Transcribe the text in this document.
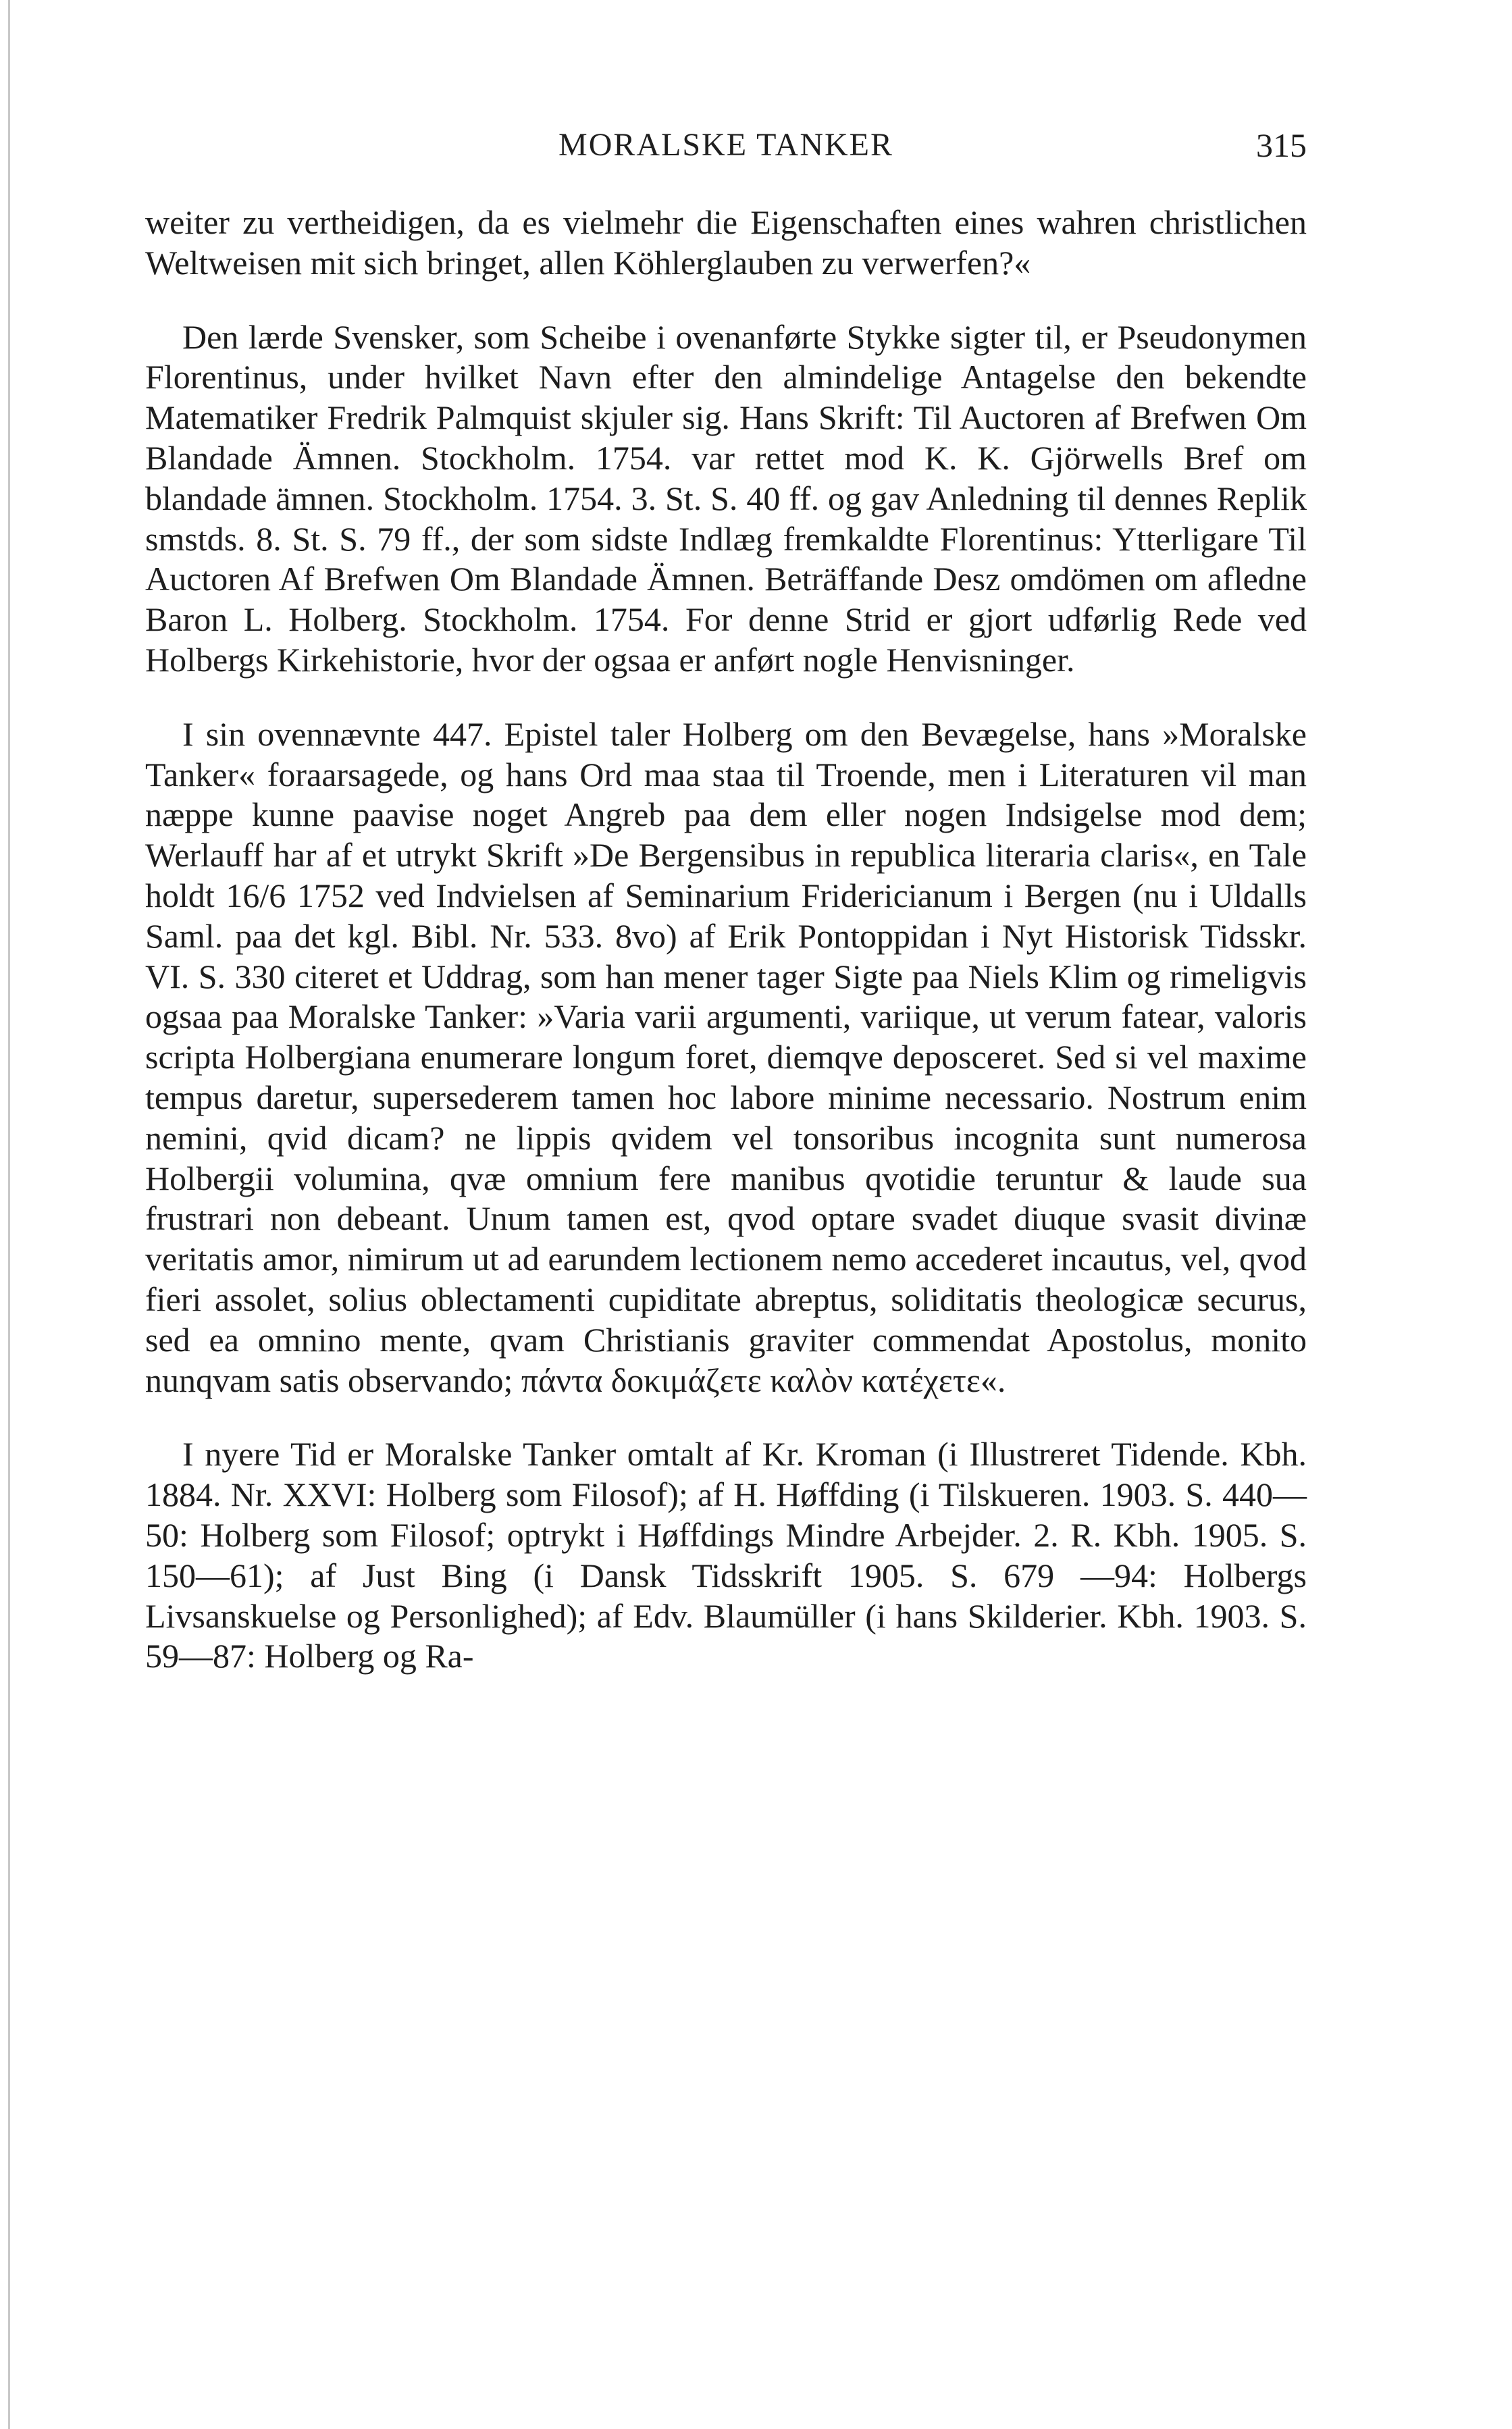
MORALSKE TANKER	315

weiter zu vertheidigen, da es vielmehr die Eigenschaften eines wahren christlichen Weltweisen mit sich bringet, allen Köhlerglauben zu verwerfen?«

Den lærde Svensker, som Scheibe i ovenanførte Stykke sigter til, er Pseudonymen Florentinus, under hvilket Navn efter den almindelige Antagelse den bekendte Matematiker Fredrik Palmquist skjuler sig. Hans Skrift: Til Auctoren af Brefwen Om Blandade Ämnen. Stockholm. 1754. var rettet mod K. K. Gjörwells Bref om blandade ämnen. Stockholm. 1754. 3. St. S. 40 ff. og gav Anledning til dennes Replik smstds. 8. St. S. 79 ff., der som sidste Indlæg fremkaldte Florentinus: Ytterligare Til Auctoren Af Brefwen Om Blandade Ämnen. Beträffande Desz omdömen om afledne Baron L. Holberg. Stockholm. 1754. For denne Strid er gjort udførlig Rede ved Holbergs Kirkehistorie, hvor der ogsaa er anført nogle Henvisninger.

I sin ovennævnte 447. Epistel taler Holberg om den Bevægelse, hans »Moralske Tanker« foraarsagede, og hans Ord maa staa til Troende, men i Literaturen vil man næppe kunne paavise noget Angreb paa dem eller nogen Indsigelse mod dem; Werlauff har af et utrykt Skrift »De Bergensibus in republica literaria claris«, en Tale holdt 16/6 1752 ved Indvielsen af Seminarium Fridericianum i Bergen (nu i Uldalls Saml. paa det kgl. Bibl. Nr. 533. 8vo) af Erik Pontoppidan i Nyt Historisk Tidsskr. VI. S. 330 citeret et Uddrag, som han mener tager Sigte paa Niels Klim og rimeligvis ogsaa paa Moralske Tanker: »Varia varii argumenti, variique, ut verum fatear, valoris scripta Holbergiana enumerare longum foret, diemqve deposceret. Sed si vel maxime tempus daretur, supersederem tamen hoc labore minime necessario. Nostrum enim nemini, qvid dicam? ne lippis qvidem vel tonsoribus incognita sunt numerosa Holbergii volumina, qvæ omnium fere manibus qvotidie teruntur & laude sua frustrari non debeant. Unum tamen est, qvod optare svadet diuque svasit divinæ veritatis amor, nimirum ut ad earundem lectionem nemo accederet incautus, vel, qvod fieri assolet, solius oblectamenti cupiditate abreptus, soliditatis theologicæ securus, sed ea omnino mente, qvam Christianis graviter commendat Apostolus, monito nunqvam satis observando; πάντα δοκιμάζετε καλὸν κατέχετε«.

I nyere Tid er Moralske Tanker omtalt af Kr. Kroman (i Illustreret Tidende. Kbh. 1884. Nr. XXVI: Holberg som Filosof); af H. Høffding (i Tilskueren. 1903. S. 440—50: Holberg som Filosof; optrykt i Høffdings Mindre Arbejder. 2. R. Kbh. 1905. S. 150—61); af Just Bing (i Dansk Tidsskrift 1905. S. 679 —94: Holbergs Livsanskuelse og Personlighed); af Edv. Blaumüller (i hans Skilderier. Kbh. 1903. S. 59—87: Holberg og Ra-
